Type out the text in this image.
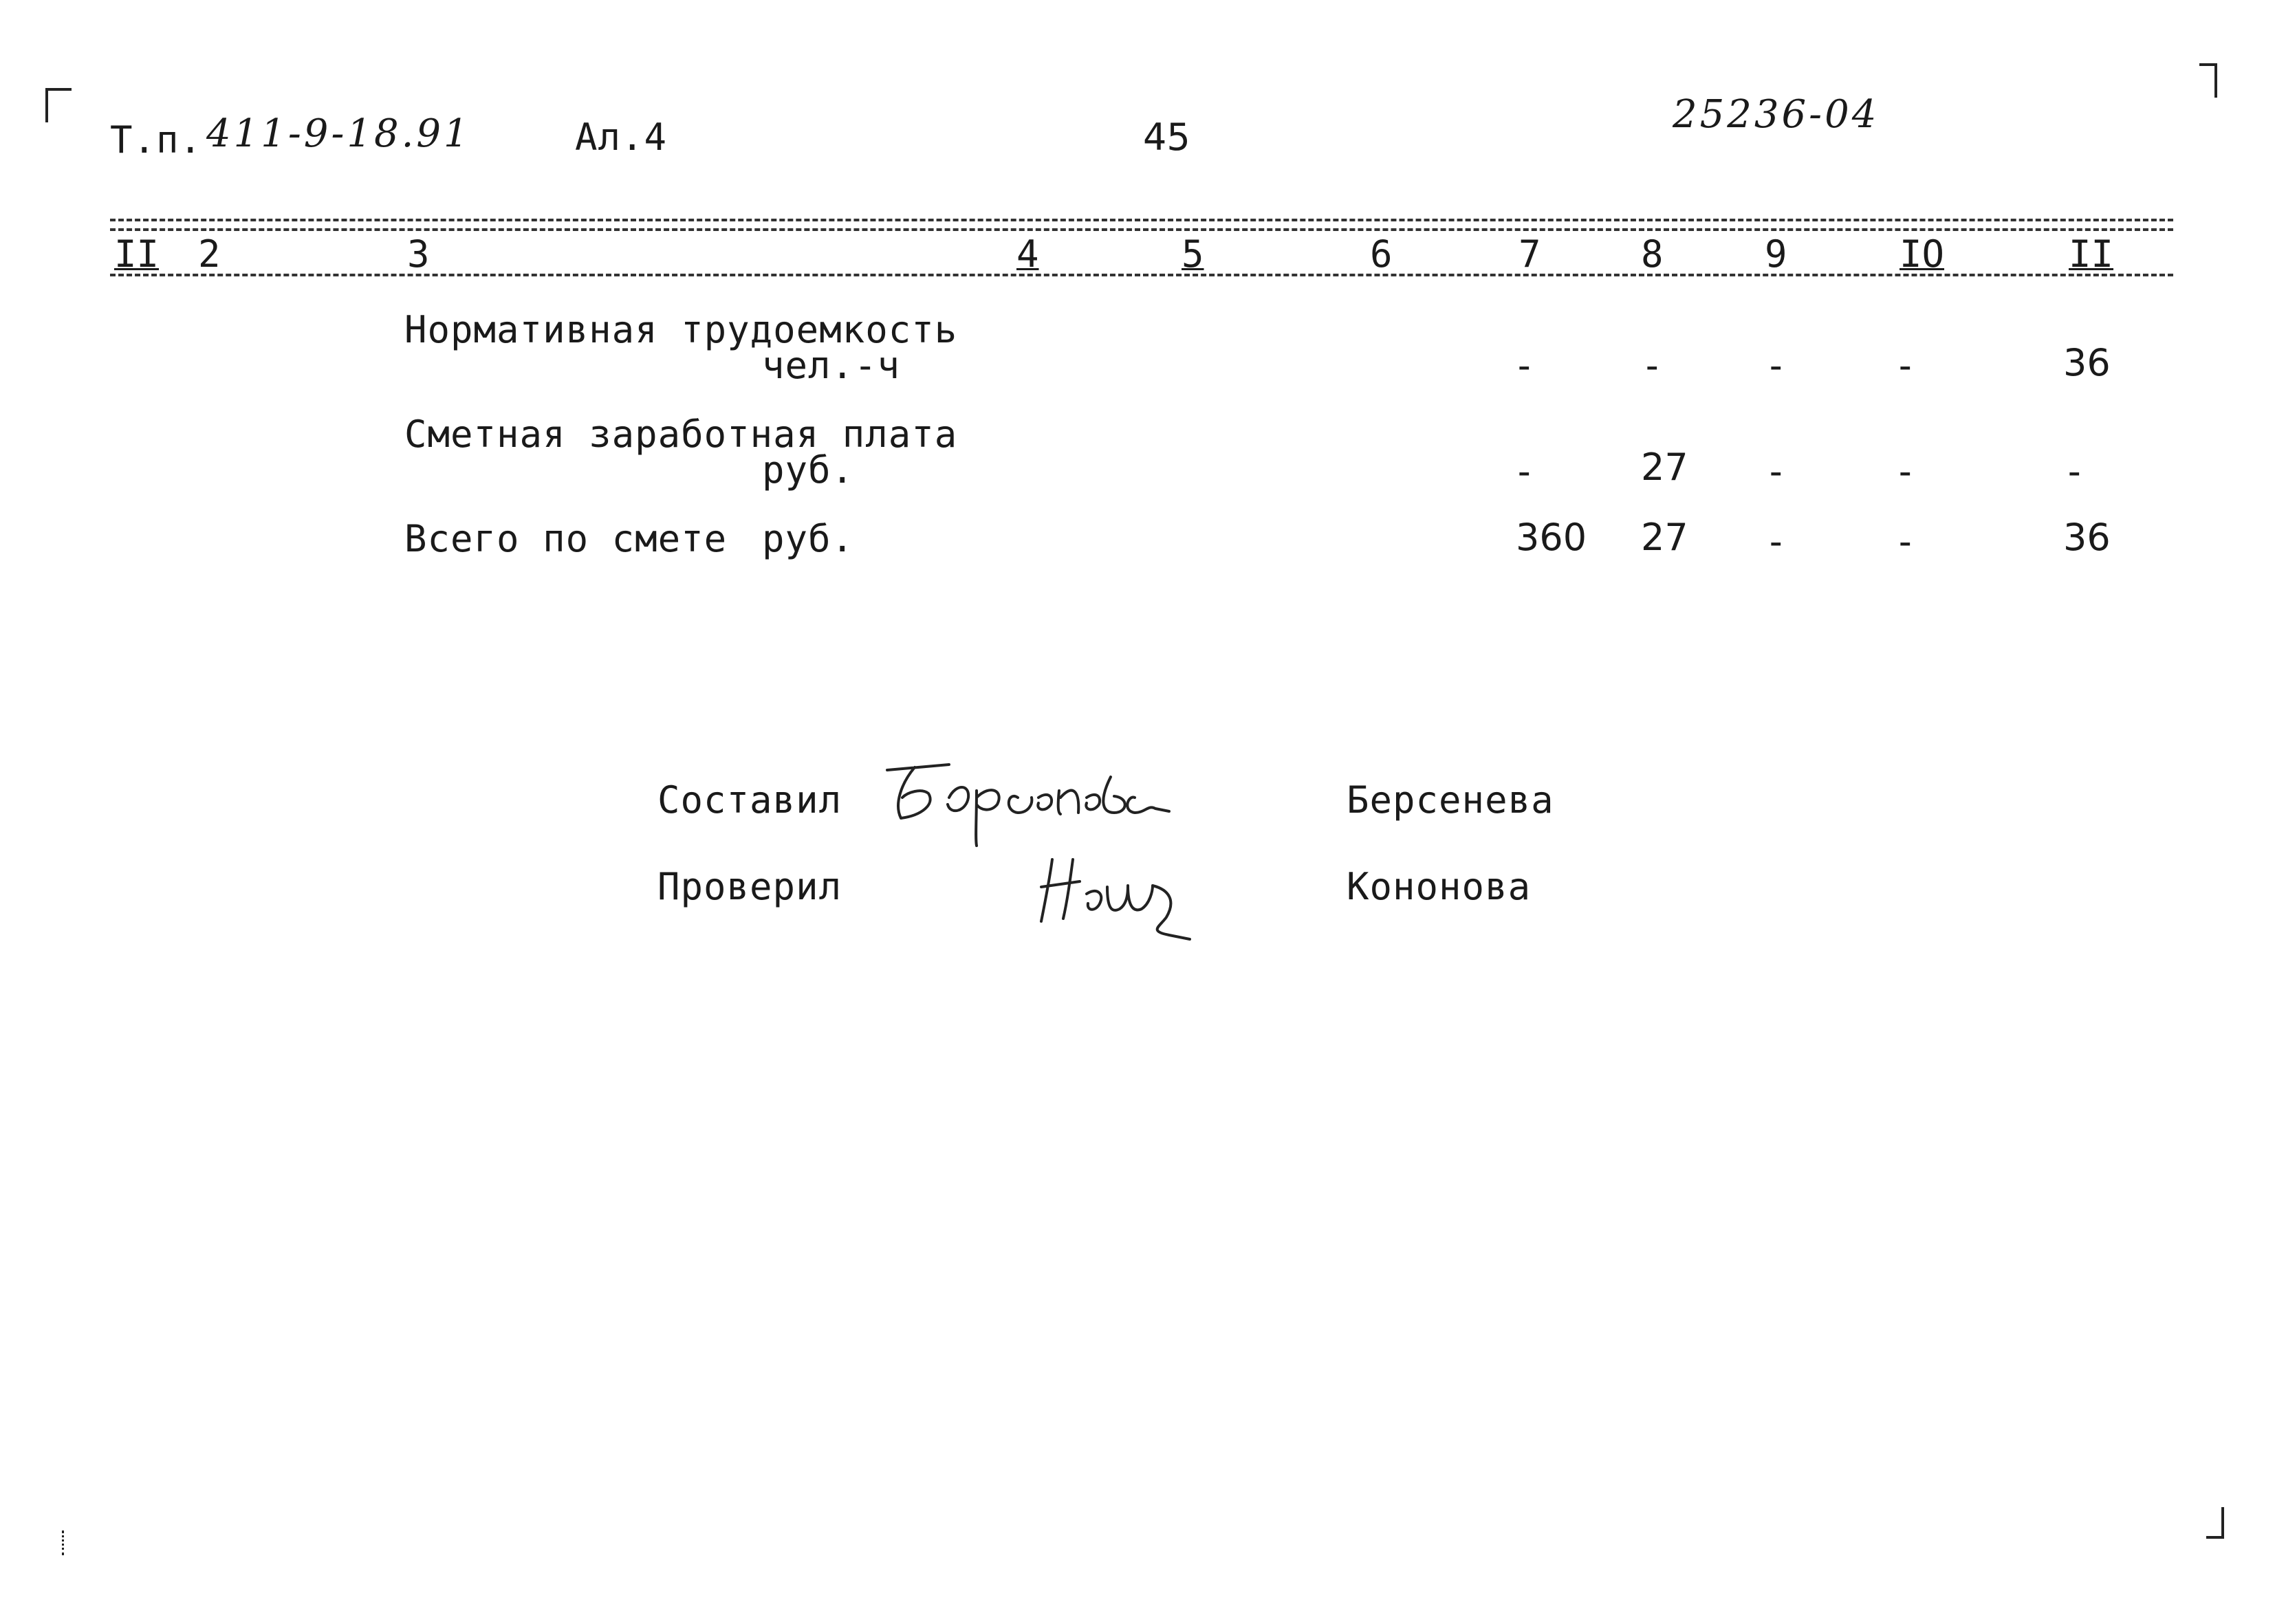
Т.п. 411-9-18.91	Ал.4	45
25236-04
II 2	3	4	5	6	7	8	9	IO	II
Нормативная трудоемкость
чел.-ч	-	-	-	-	36
Сметная заработная плата
руб.	-	27 -	-	-
Всего по смете руб.	360 27 -	-	36
Составил	Берсенева
Проверил	Кононова
